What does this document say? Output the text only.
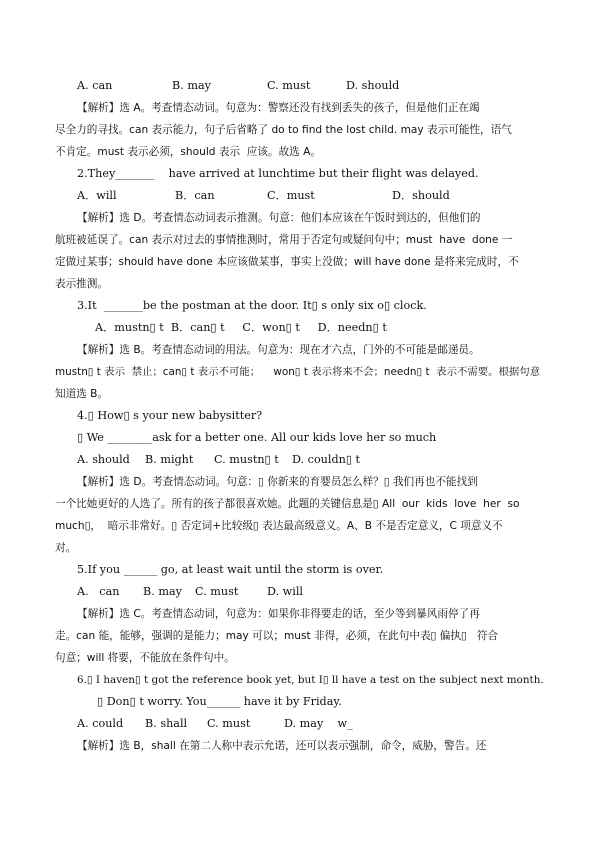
A. can	B. may	C. must	D. should
【解析】选 A。考查情态动词。句意为：警察还没有找到丢失的孩子，但是他们正在竭
尽全力的寻找。can 表示能力，句子后省略了 do to find the lost child. may 表示可能性，语气
不肯定。must 表示必须，should 表示  应该。故选 A。
2.They_______    have arrived at lunchtime but their flight was delayed.
A．will	B．can	C．must	D．should
【解析】选 D。考查情态动词表示推测。句意：他们本应该在午饭时到达的，但他们的
航班被延误了。can 表示对过去的事情推测时，常用于否定句或疑问句中；must  have  done 一
定做过某事；should have done 本应该做某事，事实上没做；will have done 是将来完成时，不
表示推测。
3.It  _______be the postman at the door. It▯ s only six o▯ clock.
A．mustn▯ t  B．can▯ t     C．won▯ t     D．needn▯ t
【解析】选 B。考查情态动词的用法。句意为：现在才六点，门外的不可能是邮递员。
mustn▯ t 表示  禁止；can▯ t 表示不可能；    won▯ t 表示将来不会；needn▯ t  表示不需要。根据句意
知道选 B。
4.▯ How▯ s your new babysitter?
▯ We ________ask for a better one. All our kids love her so much
A. should B. might C. mustn▯ t D. couldn▯ t
【解析】选 D。考查情态动词。句意：▯ 你新来的育婴员怎么样？▯ 我们再也不能找到
一个比她更好的人选了。所有的孩子都很喜欢她。此题的关键信息是▯ All  our  kids  love  her  so
much▯，  暗示非常好。▯ 否定词+比较级▯ 表达最高级意义。A、B 不是否定意义，C 项意义不
对。
5.If you ______ go, at least wait until the storm is over.
A.   can B. may C. must	D. will
【解析】选 C。考查情态动词，句意为：如果你非得要走的话，至少等到暴风雨停了再
走。can 能，能够，强调的是能力；may 可以；must 非得，必须，在此句中表▯ 偏执▯   符合
句意；will 将要，不能放在条件句中。
6.▯ I haven▯ t got the reference book yet, but I▯ ll have a test on the subject next month.
▯ Don▯ t worry. You______ have it by Friday.
A. could B. shall C. must	D. may    w_
【解析】选 B，shall 在第二人称中表示允诺，还可以表示强制，命令，威胁，警告。还
